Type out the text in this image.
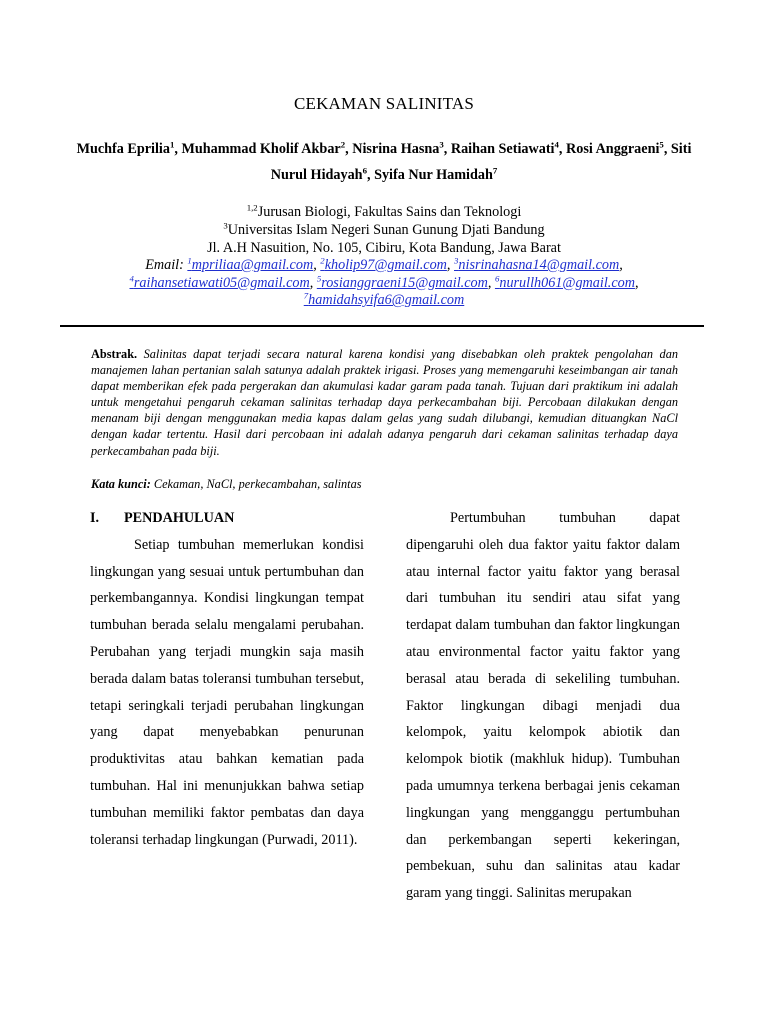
CEKAMAN SALINITAS
Muchfa Eprilia$^1$, Muhammad Kholif Akbar$^2$, Nisrina Hasna$^3$, Raihan Setiawati$^4$, Rosi Anggraeni$^5$, Siti Nurul Hidayah$^6$, Syifa Nur Hamidah$^7$
$^{1,2}$Jurusan Biologi, Fakultas Sains dan Teknologi
$^3$Universitas Islam Negeri Sunan Gunung Djati Bandung
Jl. A.H Nasuition, No. 105, Cibiru, Kota Bandung, Jawa Barat
Email: $^1$mpriliaa@gmail.com, $^2$kholip97@gmail.com, $^3$nisrinahasna14@gmail.com,
$^4$raihansetiawati05@gmail.com, $^5$rosianggraeni15@gmail.com, $^6$nurullh061@gmail.com,
$^7$hamidahsyifa6@gmail.com
Abstrak. Salinitas dapat terjadi secara natural karena kondisi yang disebabkan oleh praktek pengolahan dan manajemen lahan pertanian salah satunya adalah praktek irigasi. Proses yang memengaruhi keseimbangan air tanah dapat memberikan efek pada pergerakan dan akumulasi kadar garam pada tanah. Tujuan dari praktikum ini adalah untuk mengetahui pengaruh cekaman salinitas terhadap daya perkecambahan biji. Percobaan dilakukan dengan menanam biji dengan menggunakan media kapas dalam gelas yang sudah dilubangi, kemudian dituangkan NaCl dengan kadar tertentu. Hasil dari percobaan ini adalah adanya pengaruh dari cekaman salinitas terhadap daya perkecambahan pada biji.
Kata kunci: Cekaman, NaCl, perkecambahan, salintas
I.	PENDAHULUAN

Setiap tumbuhan memerlukan kondisi lingkungan yang sesuai untuk pertumbuhan dan perkembangannya. Kondisi lingkungan tempat tumbuhan berada selalu mengalami perubahan. Perubahan yang terjadi mungkin saja masih berada dalam batas toleransi tumbuhan tersebut, tetapi seringkali terjadi perubahan lingkungan yang dapat menyebabkan penurunan produktivitas atau bahkan kematian pada tumbuhan. Hal ini menunjukkan bahwa setiap tumbuhan memiliki faktor pembatas dan daya toleransi terhadap lingkungan (Purwadi, 2011).

Pertumbuhan tumbuhan dapat dipengaruhi oleh dua faktor yaitu faktor dalam atau internal factor yaitu faktor yang berasal dari tumbuhan itu sendiri atau sifat yang terdapat dalam tumbuhan dan faktor lingkungan atau environmental factor yaitu faktor yang berasal atau berada di sekeliling tumbuhan. Faktor lingkungan dibagi menjadi dua kelompok, yaitu kelompok abiotik dan kelompok biotik (makhluk hidup). Tumbuhan pada umumnya terkena berbagai jenis cekaman lingkungan yang mengganggu pertumbuhan dan perkembangan seperti kekeringan, pembekuan, suhu dan salinitas atau kadar garam yang tinggi. Salinitas merupakan
